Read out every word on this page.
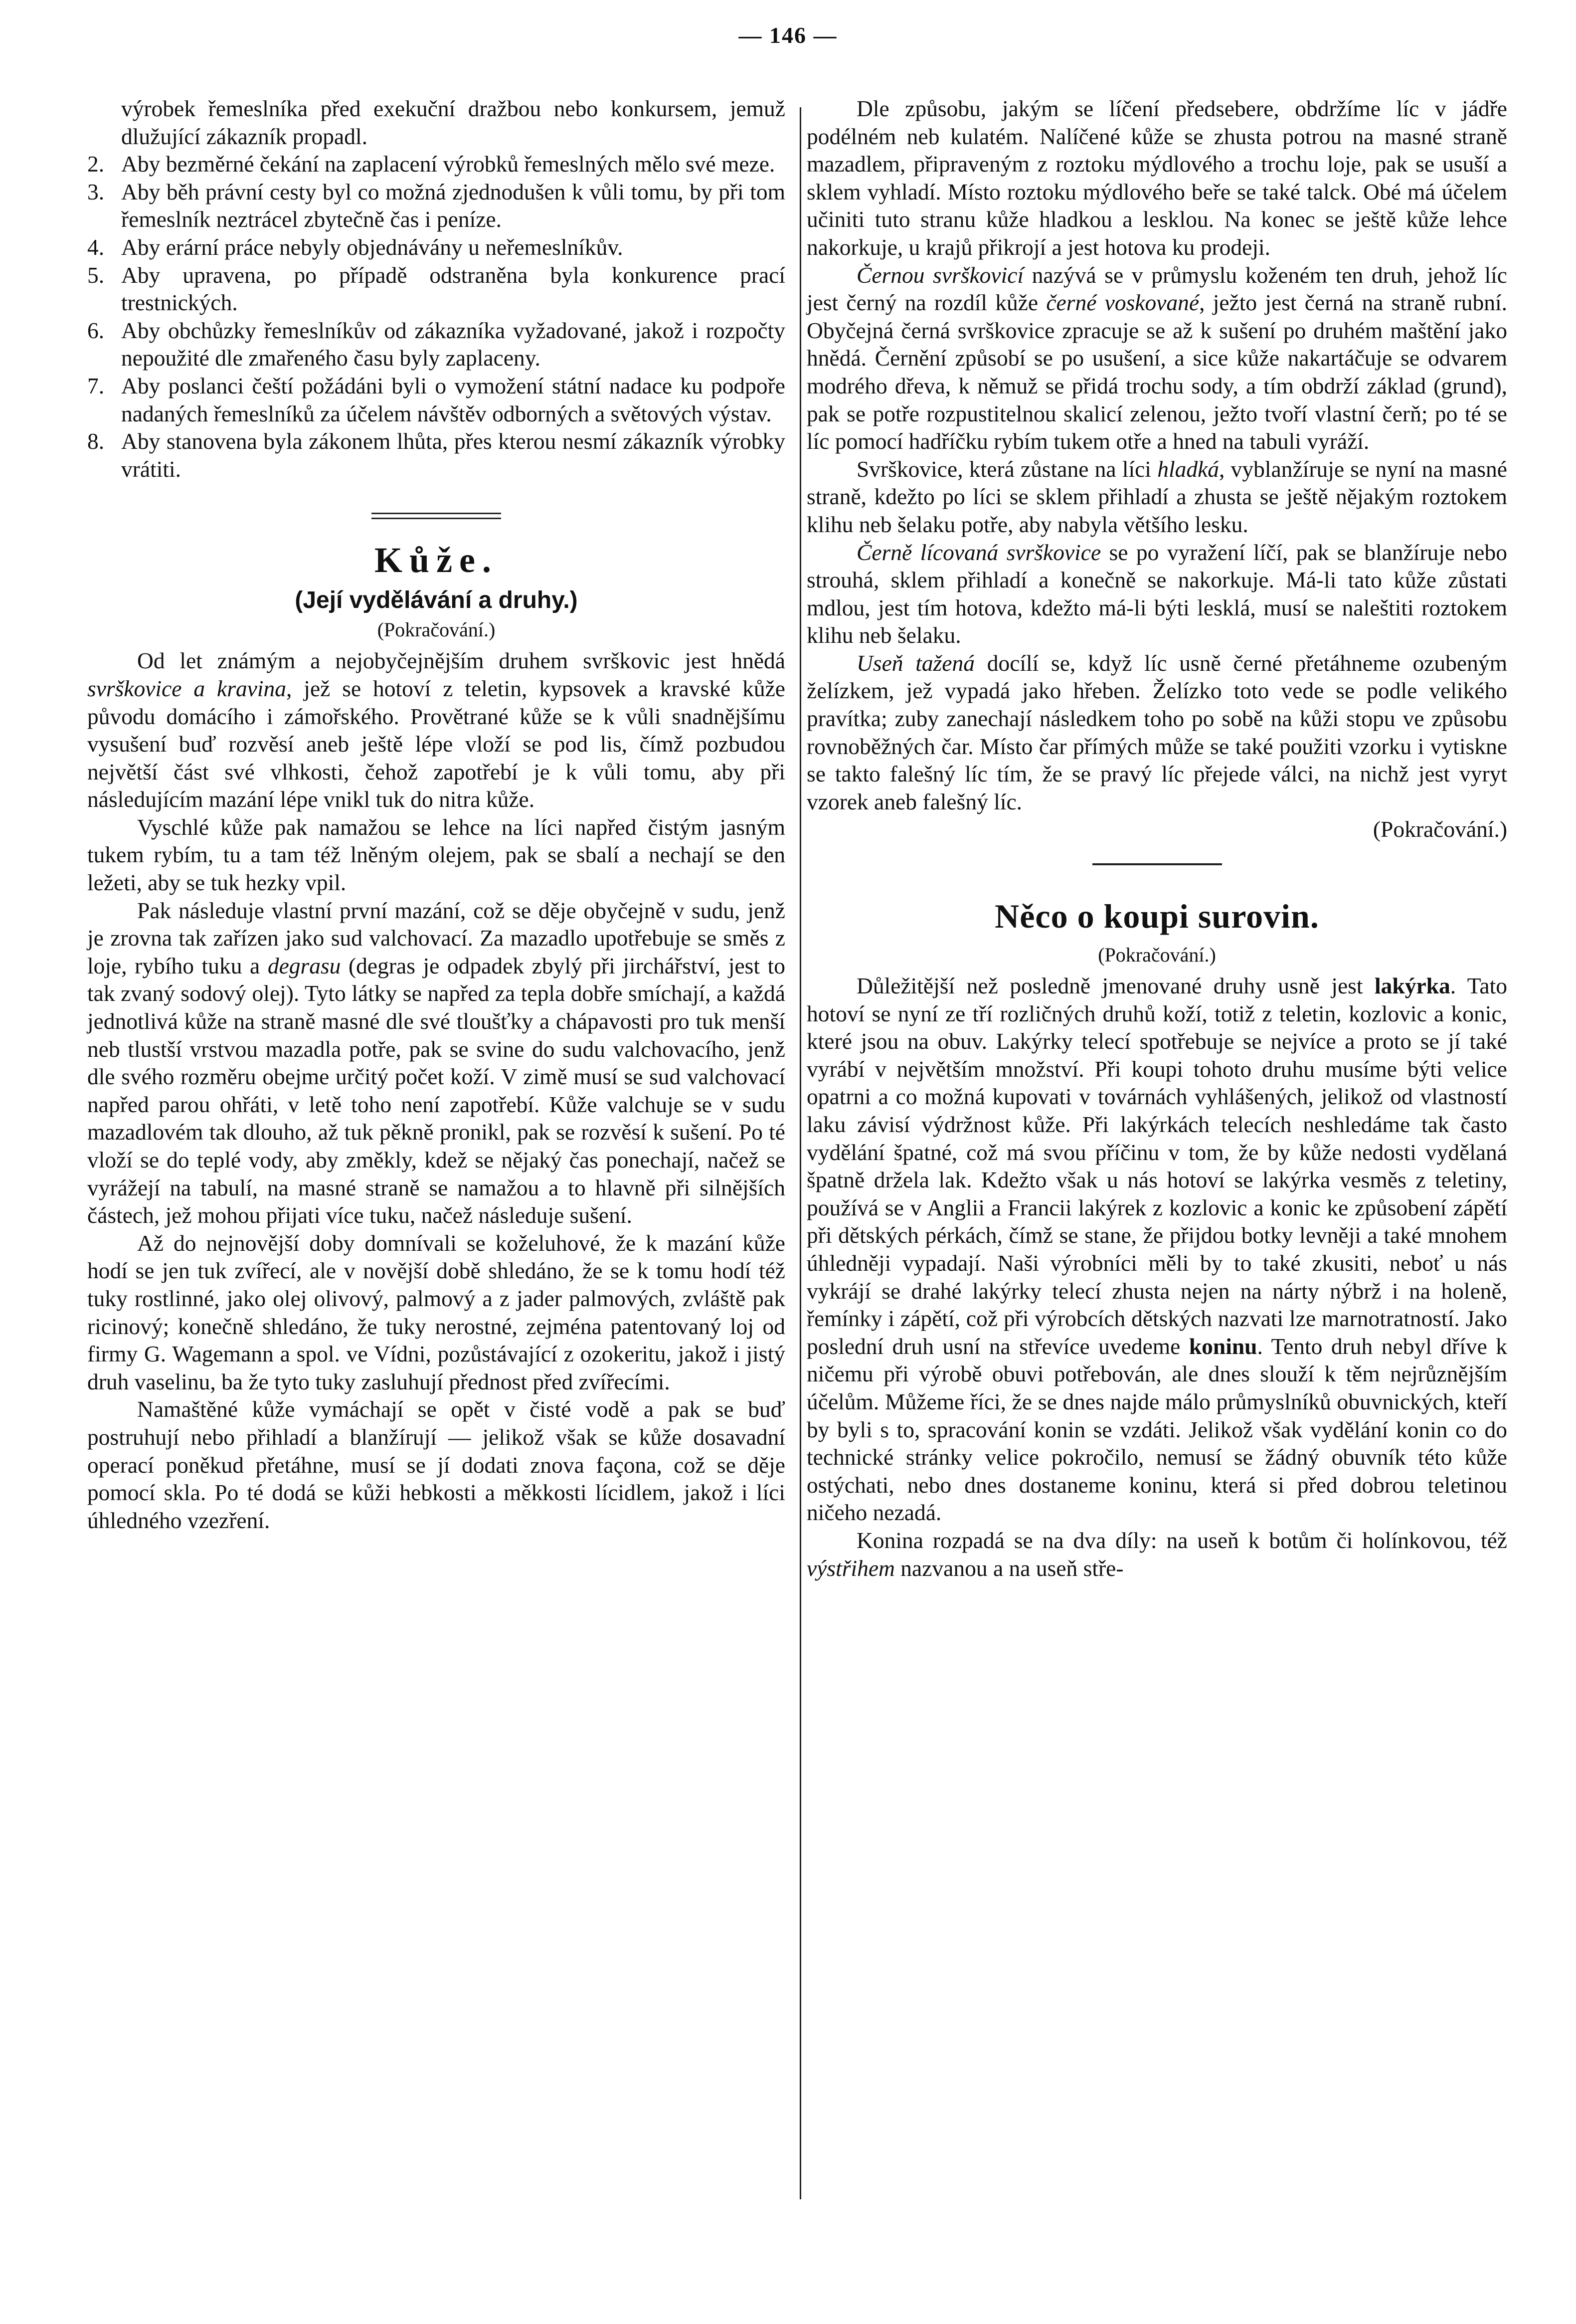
— 146 —

výrobek řemeslníka před exekuční dražbou nebo konkursem, jemuž dlužující zákazník propadl.

2. Aby bezměrné čekání na zaplacení výrobků řemeslných mělo své meze.

3. Aby běh právní cesty byl co možná zjednodušen k vůli tomu, by při tom řemeslník neztrácel zbytečně čas i peníze.

4. Aby erární práce nebyly objednávány u neřemeslníkův.

5. Aby upravena, po případě odstraněna byla konkurence prací trestnických.

6. Aby obchůzky řemeslníkův od zákazníka vyžadované, jakož i rozpočty nepoužité dle zmařeného času byly zaplaceny.

7. Aby poslanci čeští požádáni byli o vymožení státní nadace ku podpoře nadaných řemeslníků za účelem návštěv odborných a světových výstav.

8. Aby stanovena byla zákonem lhůta, přes kterou nesmí zákazník výrobky vrátiti.

Kůže.

(Její vydělávání a druhy.)

(Pokračování.)

Od let známým a nejobyčejnějším druhem svrškovic jest hnědá svrškovice a kravina, jež se hotoví z teletin, kypsovek a kravské kůže původu domácího i zámořského. Provětrané kůže se k vůli snadnějšímu vysušení buď rozvěsí aneb ještě lépe vloží se pod lis, čímž pozbudou největší část své vlhkosti, čehož zapotřebí je k vůli tomu, aby při následujícím mazání lépe vnikl tuk do nitra kůže.

Vyschlé kůže pak namažou se lehce na líci napřed čistým jasným tukem rybím, tu a tam též lněným olejem, pak se sbalí a nechají se den ležeti, aby se tuk hezky vpil.

Pak následuje vlastní první mazání, což se děje obyčejně v sudu, jenž je zrovna tak zařízen jako sud valchovací. Za mazadlo upotřebuje se směs z loje, rybího tuku a degrasu (degras je odpadek zbylý při jirchářství, jest to tak zvaný sodový olej). Tyto látky se napřed za tepla dobře smíchají, a každá jednotlivá kůže na straně masné dle své tloušťky a chápavosti pro tuk menší neb tlustší vrstvou mazadla potře, pak se svine do sudu valchovacího, jenž dle svého rozměru obejme určitý počet koží. V zimě musí se sud valchovací napřed parou ohřáti, v letě toho není zapotřebí. Kůže valchuje se v sudu mazadlovém tak dlouho, až tuk pěkně pronikl, pak se rozvěsí k sušení. Po té vloží se do teplé vody, aby změkly, kdež se nějaký čas ponechají, načež se vyrážejí na tabulí, na masné straně se namažou a to hlavně při silnějších částech, jež mohou přijati více tuku, načež následuje sušení.

Až do nejnovější doby domnívali se koželuhové, že k mazání kůže hodí se jen tuk zvířecí, ale v novější době shledáno, že se k tomu hodí též tuky rostlinné, jako olej olivový, palmový a z jader palmových, zvláště pak ricinový; konečně shledáno, že tuky nerostné, zejména patentovaný loj od firmy G. Wagemann a spol. ve Vídni, pozůstávající z ozokeritu, jakož i jistý druh vaselinu, ba že tyto tuky zasluhují přednost před zvířecími.

Namaštěné kůže vymáchají se opět v čisté vodě a pak se buď postruhují nebo přihladí a blanžírují — jelikož však se kůže dosavadní operací poněkud přetáhne, musí se jí dodati znova façona, což se děje pomocí skla. Po té dodá se kůži hebkosti a měkkosti lícidlem, jakož i líci úhledného vzezření.

Dle způsobu, jakým se líčení předsebere, obdržíme líc v jádře podélném neb kulatém. Nalíčené kůže se zhusta potrou na masné straně mazadlem, připraveným z roztoku mýdlového a trochu loje, pak se usuší a sklem vyhladí. Místo roztoku mýdlového beře se také talck. Obé má účelem učiniti tuto stranu kůže hladkou a lesklou. Na konec se ještě kůže lehce nakorkuje, u krajů přikrojí a jest hotova ku prodeji.

Černou svrškovicí nazývá se v průmyslu koženém ten druh, jehož líc jest černý na rozdíl kůže černé voskované, ježto jest černá na straně rubní. Obyčejná černá svrškovice zpracuje se až k sušení po druhém maštění jako hnědá. Černění způsobí se po usušení, a sice kůže nakartáčuje se odvarem modrého dřeva, k němuž se přidá trochu sody, a tím obdrží základ (grund), pak se potře rozpustitelnou skalicí zelenou, ježto tvoří vlastní čerň; po té se líc pomocí hadříčku rybím tukem otře a hned na tabuli vyráží.

Svrškovice, která zůstane na líci hladká, vyblanžíruje se nyní na masné straně, kdežto po líci se sklem přihladí a zhusta se ještě nějakým roztokem klihu neb šelaku potře, aby nabyla většího lesku.

Černě lícovaná svrškovice se po vyražení líčí, pak se blanžíruje nebo strouhá, sklem přihladí a konečně se nakorkuje. Má-li tato kůže zůstati mdlou, jest tím hotova, kdežto má-li býti lesklá, musí se naleštiti roztokem klihu neb šelaku.

Useň tažená docílí se, když líc usně černé přetáhneme ozubeným želízkem, jež vypadá jako hřeben. Želízko toto vede se podle velikého pravítka; zuby zanechají následkem toho po sobě na kůži stopu ve způsobu rovnoběžných čar. Místo čar přímých může se také použiti vzorku i vytiskne se takto falešný líc tím, že se pravý líc přejede válci, na nichž jest vyryt vzorek aneb falešný líc.

(Pokračování.)

Něco o koupi surovin.

(Pokračování.)

Důležitější než posledně jmenované druhy usně jest lakýrka. Tato hotoví se nyní ze tří rozličných druhů koží, totiž z teletin, kozlovic a konic, které jsou na obuv. Lakýrky telecí spotřebuje se nejvíce a proto se jí také vyrábí v největším množství. Při koupi tohoto druhu musíme býti velice opatrni a co možná kupovati v továrnách vyhlášených, jelikož od vlastností laku závisí výdržnost kůže. Při lakýrkách telecích neshledáme tak často vydělání špatné, což má svou příčinu v tom, že by kůže nedosti vydělaná špatně držela lak. Kdežto však u nás hotoví se lakýrka vesměs z teletiny, používá se v Anglii a Francii lakýrek z kozlovic a konic ke způsobení zápětí při dětských pérkách, čímž se stane, že přijdou botky levněji a také mnohem úhledněji vypadají. Naši výrobníci měli by to také zkusiti, neboť u nás vykrájí se drahé lakýrky telecí zhusta nejen na nárty nýbrž i na holeně, řemínky i zápětí, což při výrobcích dětských nazvati lze marnotratností. Jako poslední druh usní na střevíce uvedeme koninu. Tento druh nebyl dříve k ničemu při výrobě obuvi potřebován, ale dnes slouží k těm nejrůznějším účelům. Můžeme říci, že se dnes najde málo průmyslníků obuvnických, kteří by byli s to, spracování konin se vzdáti. Jelikož však vydělání konin co do technické stránky velice pokročilo, nemusí se žádný obuvník této kůže ostýchati, nebo dnes dostaneme koninu, která si před dobrou teletinou ničeho nezadá.

Konina rozpadá se na dva díly: na useň k botům či holínkovou, též výstřihem nazvanou a na useň stře-
